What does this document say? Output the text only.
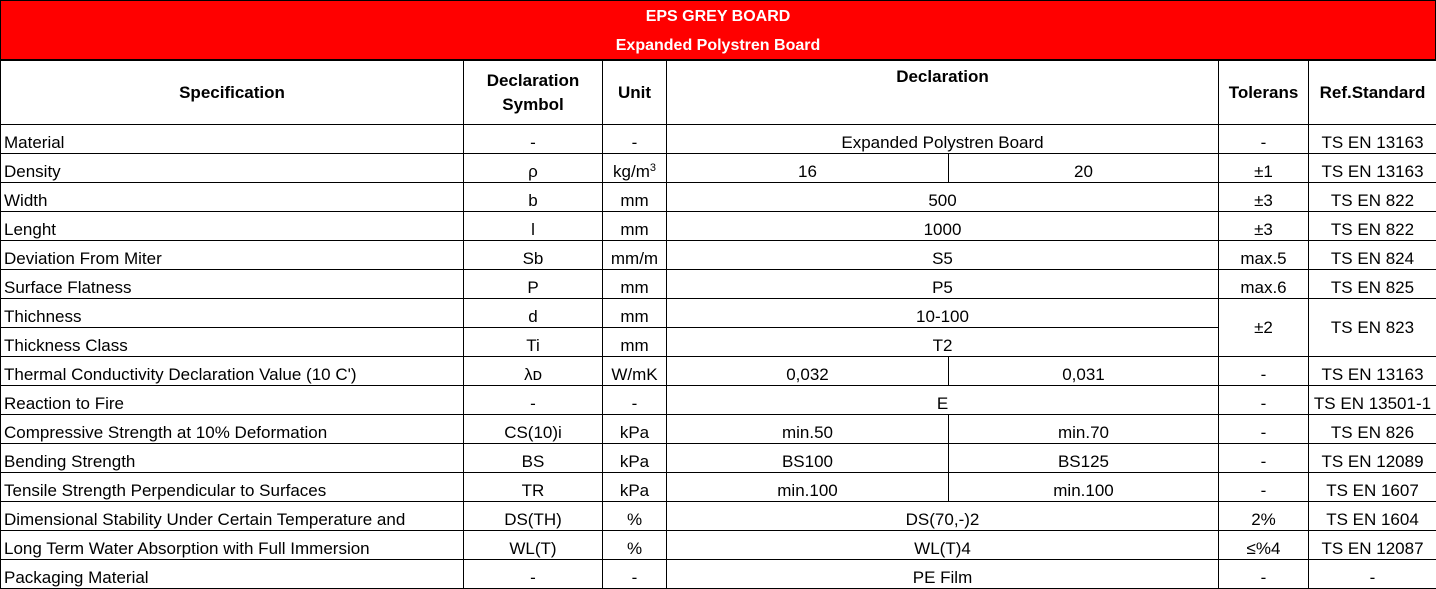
EPS GREY BOARD
Expanded Polystren Board
Specification	Declaration Symbol	Unit	Declaration		Tolerans	Ref.Standard
Material	-	-	Expanded Polystren Board		-	TS EN 13163
Density	ρ	$kg/m^3$	16	20	±1	TS EN 13163
Width	b	mm	500		±3	TS EN 822
Lenght	l	mm	1000		±3	TS EN 822
Deviation From Miter	Sb	mm/m	S5		max.5	TS EN 824
Surface Flatness	P	mm	P5		max.6	TS EN 825
Thichness	d	mm	10-100		±2	TS EN 823
Thickness Class	Ti	mm	T2			
Thermal Conductivity Declaration Value (10 C')	λᴅ	W/mK	0,032	0,031	-	TS EN 13163
Reaction to Fire	-	-	E		-	TS EN 13501-1
Compressive Strength at 10% Deformation	CS(10)i	kPa	min.50	min.70	-	TS EN 826
Bending Strength	BS	kPa	BS100	BS125	-	TS EN 12089
Tensile Strength Perpendicular to Surfaces	TR	kPa	min.100	min.100	-	TS EN 1607
Dimensional Stability Under Certain Temperature and	DS(TH)	%	DS(70,-)2		2%	TS EN 1604
Long Term Water Absorption with Full Immersion	WL(T)	%	WL(T)4		≤%4	TS EN 12087
Packaging Material	-	-	PE Film		-	-
